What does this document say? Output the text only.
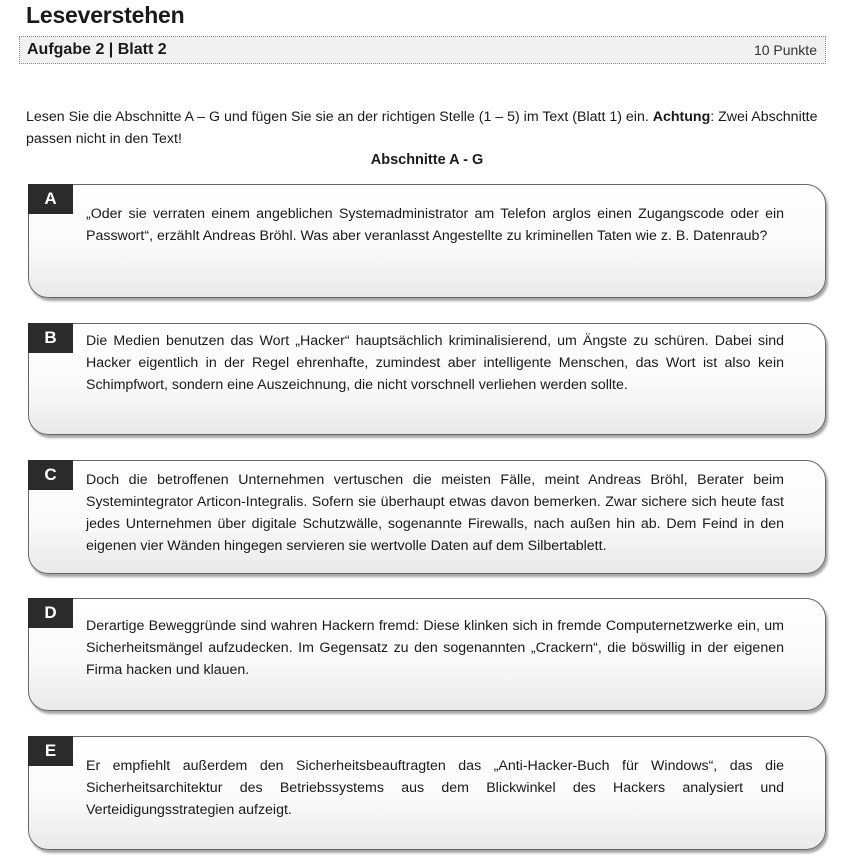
Leseverstehen
Aufgabe 2 | Blatt 2	10 Punkte
Lesen Sie die Abschnitte A – G und fügen Sie sie an der richtigen Stelle (1 – 5) im Text (Blatt 1) ein. Achtung: Zwei Abschnitte passen nicht in den Text!
Abschnitte A - G
A
„Oder sie verraten einem angeblichen Systemadministrator am Telefon arglos einen Zugangscode oder ein Passwort“, erzählt Andreas Bröhl. Was aber veranlasst Angestellte zu kriminellen Taten wie z. B. Datenraub?
B	Die Medien benutzen das Wort „Hacker“ hauptsächlich kriminalisierend, um Ängste zu schüren. Dabei sind Hacker eigentlich in der Regel ehrenhafte, zumindest aber intelligente Menschen, das Wort ist also kein Schimpfwort, sondern eine Auszeichnung, die nicht vorschnell verliehen werden sollte.
C	Doch die betroffenen Unternehmen vertuschen die meisten Fälle, meint Andreas Bröhl, Berater beim Systemintegrator Articon-Integralis. Sofern sie überhaupt etwas davon bemerken. Zwar sichere sich heute fast jedes Unternehmen über digitale Schutzwälle, sogenannte Firewalls, nach außen hin ab. Dem Feind in den eigenen vier Wänden hingegen servieren sie wertvolle Daten auf dem Silbertablett.
D
Derartige Beweggründe sind wahren Hackern fremd: Diese klinken sich in fremde Computernetzwerke ein, um Sicherheitsmängel aufzudecken. Im Gegensatz zu den sogenannten „Crackern“, die böswillig in der eigenen Firma hacken und klauen.
E
Er empfiehlt außerdem den Sicherheitsbeauftragten das „Anti-Hacker-Buch für Windows“, das die Sicherheitsarchitektur des Betriebssystems aus dem Blickwinkel des Hackers analysiert und Verteidigungsstrategien aufzeigt.
